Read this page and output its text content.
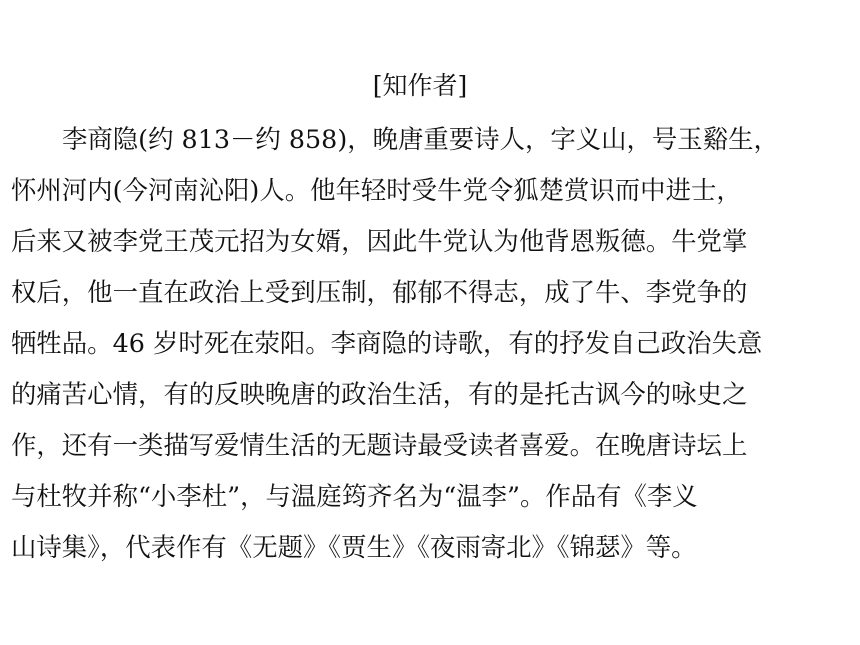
[知作者]

李商隐(约 813－约 858)，晚唐重要诗人，字义山，号玉谿生，
怀州河内(今河南沁阳)人。他年轻时受牛党令狐楚赏识而中进士，
后来又被李党王茂元招为女婿，因此牛党认为他背恩叛德。牛党掌
权后，他一直在政治上受到压制，郁郁不得志，成了牛、李党争的
牺牲品。46 岁时死在荥阳。李商隐的诗歌，有的抒发自己政治失意
的痛苦心情，有的反映晚唐的政治生活，有的是托古讽今的咏史之
作，还有一类描写爱情生活的无题诗最受读者喜爱。在晚唐诗坛上
与杜牧并称“小李杜”，与温庭筠齐名为“温李”。作品有《李义
山诗集》，代表作有《无题》《贾生》《夜雨寄北》《锦瑟》等。
